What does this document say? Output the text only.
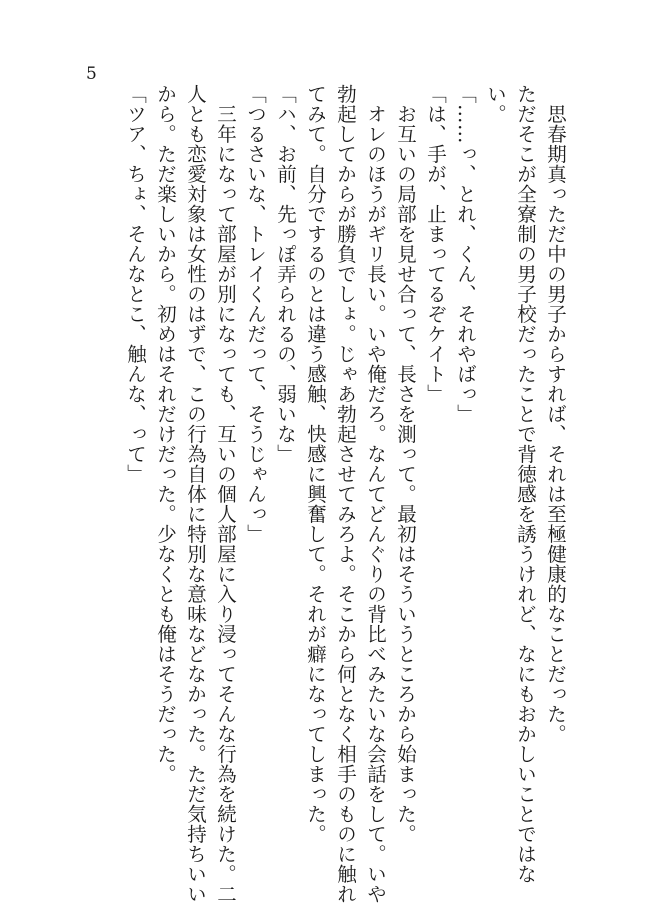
5
　思春期真っただ中の男子からすれば、それは至極健康的なことだった。
ただそこが全寮制の男子校だったことで背徳感を誘うけれど、なにもおかしいことではな
い。
「……っ、とれ、くん、それやばっ」
「は、手が、止まってるぞケイト」
　お互いの局部を見せ合って、長さを測って。最初はそういうところから始まった。
　オレのほうがギリ長い。いや俺だろ。なんてどんぐりの背比べみたいな会話をして。いや
勃起してからが勝負でしょ。じゃあ勃起させてみろよ。そこから何となく相手のものに触れ
てみて。自分でするのとは違う感触、快感に興奮して。それが癖になってしまった。
「ハ、お前、先っぽ弄られるの、弱いな」
「つるさいな、トレイくんだって、そうじゃんっ」
　三年になって部屋が別になっても、互いの個人部屋に入り浸ってそんな行為を続けた。二
人とも恋愛対象は女性のはずで、この行為自体に特別な意味などなかった。ただ気持ちいい
から。ただ楽しいから。初めはそれだけだった。少なくとも俺はそうだった。
「ツア、ちょ、そんなとこ、触んな、って」
